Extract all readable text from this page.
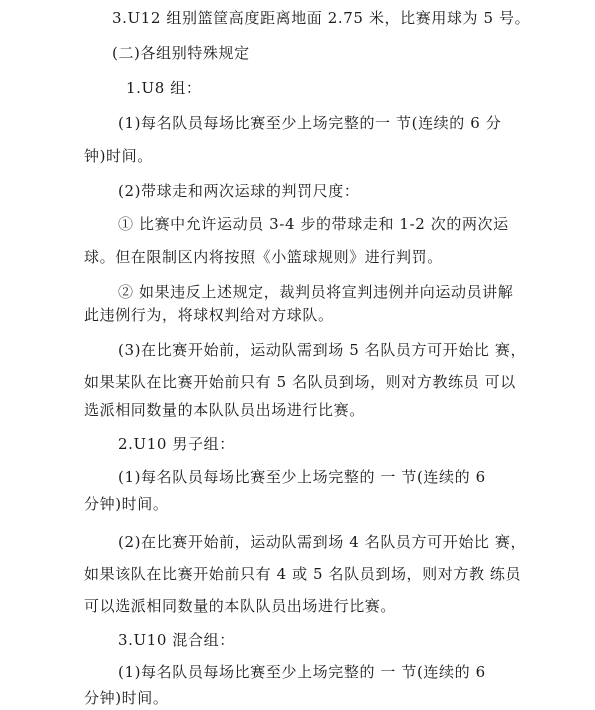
3.U12 组别篮筐高度距离地面 2.75 米，比赛用球为 5 号。
(二)各组别特殊规定
1.U8 组：
(1)每名队员每场比赛至少上场完整的一 节(连续的 6 分
钟)时间。
(2)带球走和两次运球的判罚尺度：
① 比赛中允许运动员 3-4 步的带球走和 1-2 次的两次运
球。但在限制区内将按照《小篮球规则》进行判罚。
② 如果违反上述规定，裁判员将宣判违例并向运动员讲解
此违例行为，将球权判给对方球队。
(3)在比赛开始前，运动队需到场 5 名队员方可开始比 赛，
如果某队在比赛开始前只有 5 名队员到场，则对方教练员 可以
选派相同数量的本队队员出场进行比赛。
2.U10 男子组：
(1)每名队员每场比赛至少上场完整的 一 节(连续的 6
分钟)时间。
(2)在比赛开始前，运动队需到场 4 名队员方可开始比 赛，
如果该队在比赛开始前只有 4 或 5 名队员到场，则对方教 练员
可以选派相同数量的本队队员出场进行比赛。
3.U10 混合组：
(1)每名队员每场比赛至少上场完整的 一 节(连续的 6
分钟)时间。
